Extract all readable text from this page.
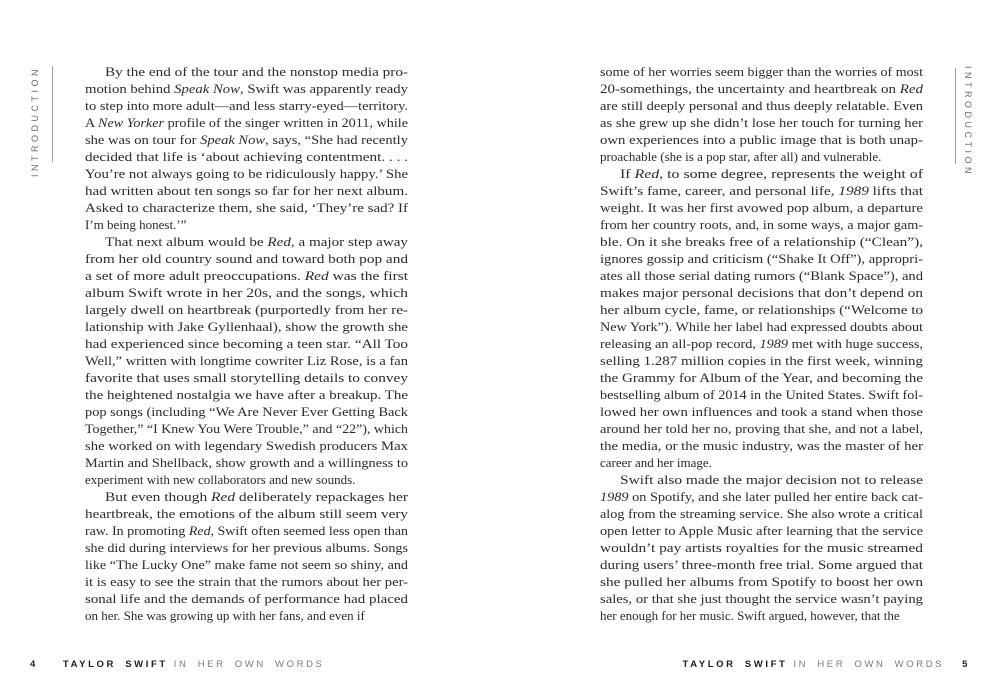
INTRODUCTION	INTRODUCTION
By the end of the tour and the nonstop media pro-
motion behind Speak Now, Swift was apparently ready
to step into more adult—and less starry-eyed—territory.
A New Yorker profile of the singer written in 2011, while
she was on tour for Speak Now, says, “She had recently
decided that life is ‘about achieving contentment. . . .
You’re not always going to be ridiculously happy.’ She
had written about ten songs so far for her next album.
Asked to characterize them, she said, ‘They’re sad? If
I’m being honest.’”
That next album would be Red, a major step away
from her old country sound and toward both pop and
a set of more adult preoccupations. Red was the first
album Swift wrote in her 20s, and the songs, which
largely dwell on heartbreak (purportedly from her re-
lationship with Jake Gyllenhaal), show the growth she
had experienced since becoming a teen star. “All Too
Well,” written with longtime cowriter Liz Rose, is a fan
favorite that uses small storytelling details to convey
the heightened nostalgia we have after a breakup. The
pop songs (including “We Are Never Ever Getting Back
Together,” “I Knew You Were Trouble,” and “22”), which
she worked on with legendary Swedish producers Max
Martin and Shellback, show growth and a willingness to
experiment with new collaborators and new sounds.
But even though Red deliberately repackages her
heartbreak, the emotions of the album still seem very
raw. In promoting Red, Swift often seemed less open than
she did during interviews for her previous albums. Songs
like “The Lucky One” make fame not seem so shiny, and
it is easy to see the strain that the rumors about her per-
sonal life and the demands of performance had placed
on her. She was growing up with her fans, and even if
some of her worries seem bigger than the worries of most
20-somethings, the uncertainty and heartbreak on Red
are still deeply personal and thus deeply relatable. Even
as she grew up she didn’t lose her touch for turning her
own experiences into a public image that is both unap-
proachable (she is a pop star, after all) and vulnerable.
If Red, to some degree, represents the weight of
Swift’s fame, career, and personal life, 1989 lifts that
weight. It was her first avowed pop album, a departure
from her country roots, and, in some ways, a major gam-
ble. On it she breaks free of a relationship (“Clean”),
ignores gossip and criticism (“Shake It Off”), appropri-
ates all those serial dating rumors (“Blank Space”), and
makes major personal decisions that don’t depend on
her album cycle, fame, or relationships (“Welcome to
New York”). While her label had expressed doubts about
releasing an all-pop record, 1989 met with huge success,
selling 1.287 million copies in the first week, winning
the Grammy for Album of the Year, and becoming the
bestselling album of 2014 in the United States. Swift fol-
lowed her own influences and took a stand when those
around her told her no, proving that she, and not a label,
the media, or the music industry, was the master of her
career and her image.
Swift also made the major decision not to release
1989 on Spotify, and she later pulled her entire back cat-
alog from the streaming service. She also wrote a critical
open letter to Apple Music after learning that the service
wouldn’t pay artists royalties for the music streamed
during users’ three-month free trial. Some argued that
she pulled her albums from Spotify to boost her own
sales, or that she just thought the service wasn’t paying
her enough for her music. Swift argued, however, that the
4	TAYLOR SWIFT IN HER OWN WORDS	TAYLOR SWIFT IN HER OWN WORDS 5
